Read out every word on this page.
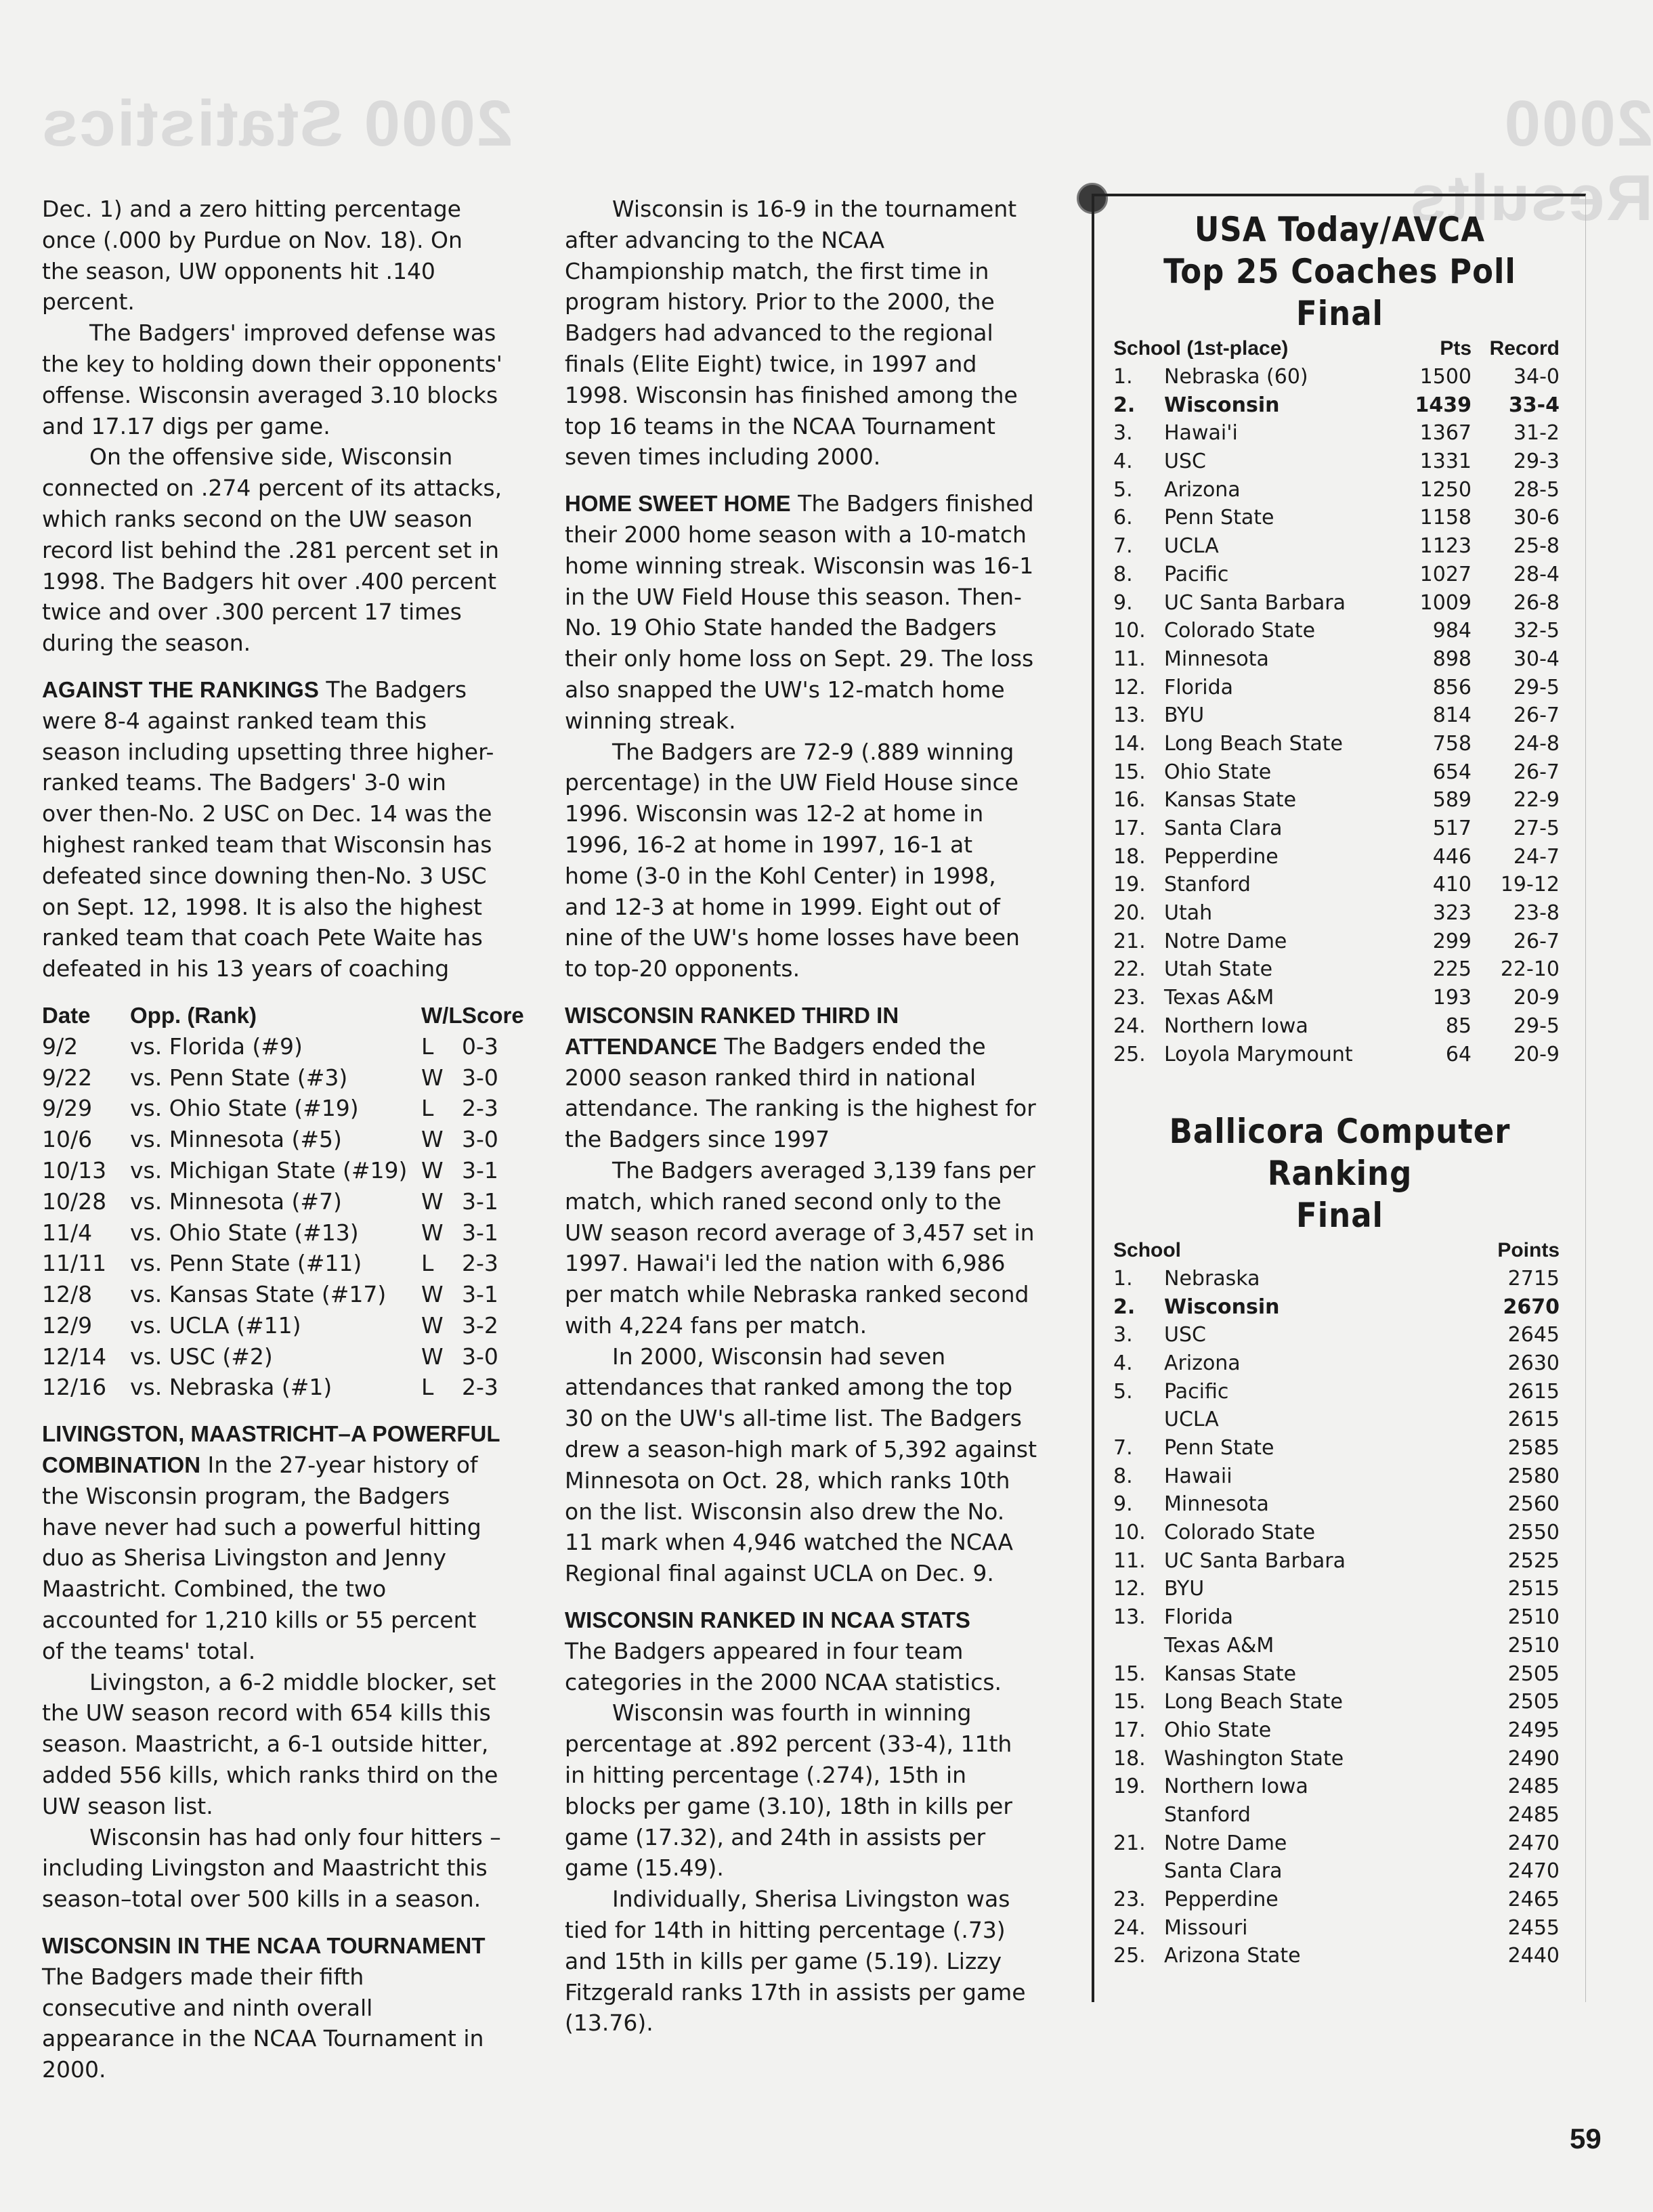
2000 Statistics	2000 Results

Dec. 1) and a zero hitting percentage once (.000 by Purdue on Nov. 18). On the season, UW opponents hit .140 percent.

The Badgers' improved defense was the key to holding down their opponents' offense. Wisconsin averaged 3.10 blocks and 17.17 digs per game.

On the offensive side, Wisconsin connected on .274 percent of its attacks, which ranks second on the UW season record list behind the .281 percent set in 1998. The Badgers hit over .400 percent twice and over .300 percent 17 times during the season.

AGAINST THE RANKINGS The Badgers were 8-4 against ranked team this season including upsetting three higher-ranked teams. The Badgers' 3-0 win over then-No. 2 USC on Dec. 14 was the highest ranked team that Wisconsin has defeated since downing then-No. 3 USC on Sept. 12, 1998. It is also the highest ranked team that coach Pete Waite has defeated in his 13 years of coaching

Date	Opp. (Rank)	W/L Score
9/2	vs. Florida (#9)	L	0-3
9/22	vs. Penn State (#3)	W 3-0
9/29	vs. Ohio State (#19)	L	2-3
10/6	vs. Minnesota (#5)	W 3-0
10/13	vs. Michigan State (#19) W 3-1
10/28	vs. Minnesota (#7)	W 3-1
11/4	vs. Ohio State (#13)	W 3-1
11/11	vs. Penn State (#11)	L	2-3
12/8	vs. Kansas State (#17)	W 3-1
12/9	vs. UCLA (#11)	W 3-2
12/14	vs. USC (#2)	W 3-0
12/16	vs. Nebraska (#1)	L	2-3

LIVINGSTON, MAASTRICHT–A POWERFUL COMBINATION In the 27-year history of the Wisconsin program, the Badgers have never had such a powerful hitting duo as Sherisa Livingston and Jenny Maastricht. Combined, the two accounted for 1,210 kills or 55 percent of the teams' total.

Livingston, a 6-2 middle blocker, set the UW season record with 654 kills this season. Maastricht, a 6-1 outside hitter, added 556 kills, which ranks third on the UW season list.

Wisconsin has had only four hitters –including Livingston and Maastricht this season–total over 500 kills in a season.

WISCONSIN IN THE NCAA TOURNAMENT The Badgers made their fifth consecutive and ninth overall appearance in the NCAA Tournament in 2000.

Wisconsin is 16-9 in the tournament after advancing to the NCAA Championship match, the first time in program history. Prior to the 2000, the Badgers had advanced to the regional finals (Elite Eight) twice, in 1997 and 1998. Wisconsin has finished among the top 16 teams in the NCAA Tournament seven times including 2000.

HOME SWEET HOME The Badgers finished their 2000 home season with a 10-match home winning streak. Wisconsin was 16-1 in the UW Field House this season. Then-No. 19 Ohio State handed the Badgers their only home loss on Sept. 29. The loss also snapped the UW's 12-match home winning streak.

The Badgers are 72-9 (.889 winning percentage) in the UW Field House since 1996. Wisconsin was 12-2 at home in 1996, 16-2 at home in 1997, 16-1 at home (3-0 in the Kohl Center) in 1998, and 12-3 at home in 1999. Eight out of nine of the UW's home losses have been to top-20 opponents.

WISCONSIN RANKED THIRD IN ATTENDANCE The Badgers ended the 2000 season ranked third in national attendance. The ranking is the highest for the Badgers since 1997

The Badgers averaged 3,139 fans per match, which raned second only to the UW season record average of 3,457 set in 1997. Hawai'i led the nation with 6,986 per match while Nebraska ranked second with 4,224 fans per match.

In 2000, Wisconsin had seven attendances that ranked among the top 30 on the UW's all-time list. The Badgers drew a season-high mark of 5,392 against Minnesota on Oct. 28, which ranks 10th on the list. Wisconsin also drew the No. 11 mark when 4,946 watched the NCAA Regional final against UCLA on Dec. 9.

WISCONSIN RANKED IN NCAA STATS

The Badgers appeared in four team categories in the 2000 NCAA statistics.

Wisconsin was fourth in winning percentage at .892 percent (33-4), 11th in hitting percentage (.274), 15th in blocks per game (3.10), 18th in kills per game (17.32), and 24th in assists per game (15.49).

Individually, Sherisa Livingston was tied for 14th in hitting percentage (.73) and 15th in kills per game (5.19). Lizzy Fitzgerald ranks 17th in assists per game (13.76).

USA Today/AVCA
Top 25 Coaches Poll
Final
School (1st-place)	Pts Record
1.	Nebraska (60)	1500	34-0
2.	Wisconsin	1439	33-4
3.	Hawai'i	1367	31-2
4.	USC	1331	29-3
5.	Arizona	1250	28-5
6.	Penn State	1158	30-6
7.	UCLA	1123	25-8
8.	Pacific	1027	28-4
9.	UC Santa Barbara	1009	26-8
10. Colorado State	984	32-5
11. Minnesota	898	30-4
12. Florida	856	29-5
13. BYU	814	26-7
14. Long Beach State	758	24-8
15. Ohio State	654	26-7
16. Kansas State	589	22-9
17. Santa Clara	517	27-5
18. Pepperdine	446	24-7
19. Stanford	410	19-12
20. Utah	323	23-8
21. Notre Dame	299	26-7
22. Utah State	225	22-10
23. Texas A&M	193	20-9
24. Northern Iowa	85	29-5
25. Loyola Marymount	64	20-9
Ballicora Computer Ranking
Final
School	Points
1.	Nebraska	2715
2.	Wisconsin	2670
3.	USC	2645
4.	Arizona	2630
5.	Pacific	2615
UCLA	2615
7.	Penn State	2585
8.	Hawaii	2580
9.	Minnesota	2560
10. Colorado State	2550
11. UC Santa Barbara	2525
12. BYU	2515
13. Florida	2510
Texas A&M	2510
15. Kansas State	2505
15. Long Beach State	2505
17. Ohio State	2495
18. Washington State	2490
19. Northern Iowa	2485
Stanford	2485
21. Notre Dame	2470
Santa Clara	2470
23. Pepperdine	2465
24. Missouri	2455
25. Arizona State	2440
59
